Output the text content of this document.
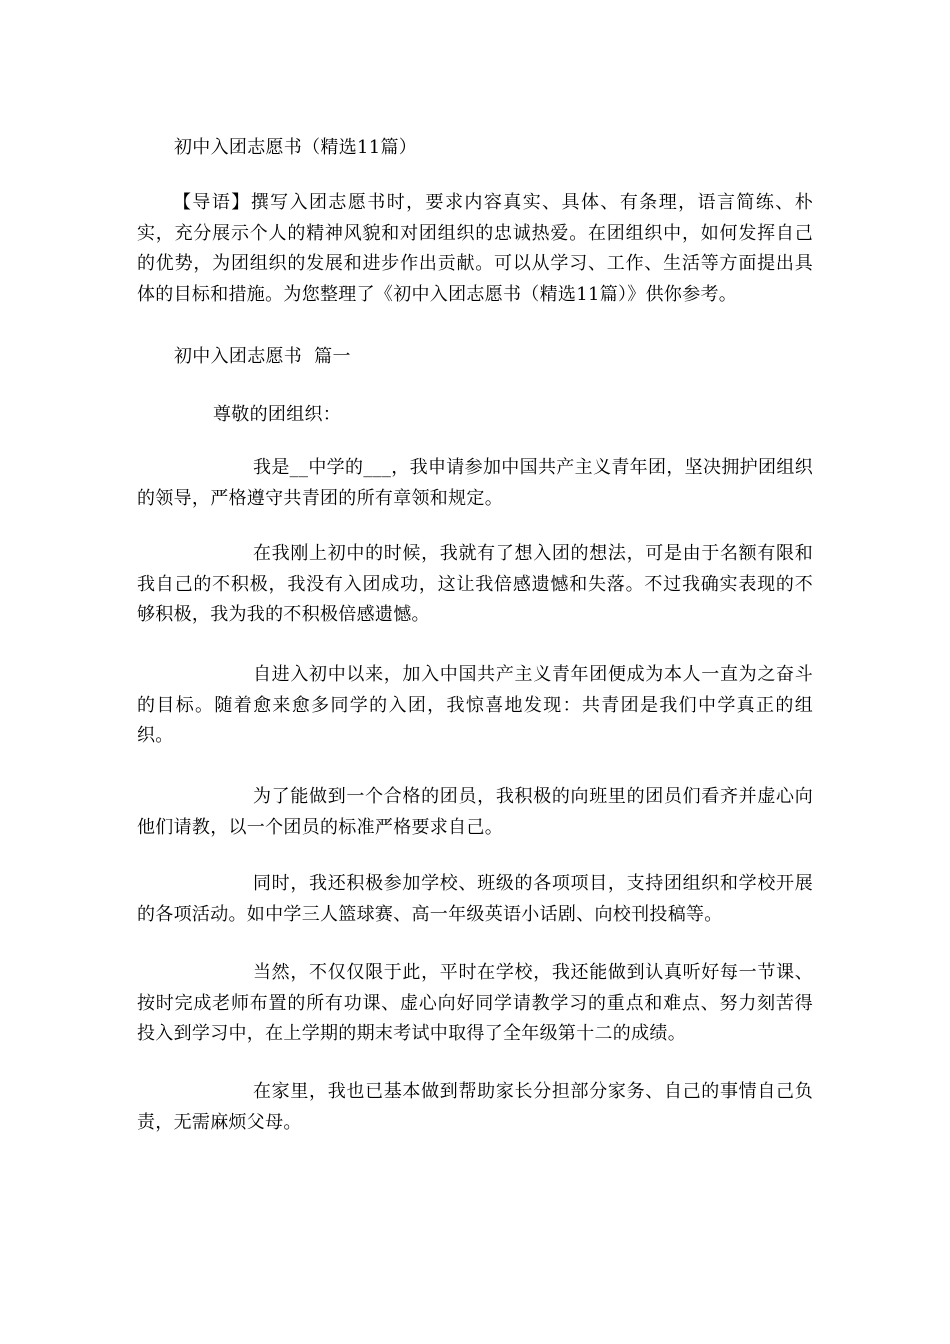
初中入团志愿书（精选11篇）
【导语】撰写入团志愿书时，要求内容真实、具体、有条理，语言简练、朴实，充分展示个人的精神风貌和对团组织的忠诚热爱。在团组织中，如何发挥自己的优势，为团组织的发展和进步作出贡献。可以从学习、工作、生活等方面提出具体的目标和措施。为您整理了《初中入团志愿书（精选11篇）》供你参考。
初中入团志愿书  篇一
尊敬的团组织：
我是__中学的___，我申请参加中国共产主义青年团，坚决拥护团组织的领导，严格遵守共青团的所有章领和规定。
在我刚上初中的时候，我就有了想入团的想法，可是由于名额有限和我自己的不积极，我没有入团成功，这让我倍感遗憾和失落。不过我确实表现的不够积极，我为我的不积极倍感遗憾。
自进入初中以来，加入中国共产主义青年团便成为本人一直为之奋斗的目标。随着愈来愈多同学的入团，我惊喜地发现：共青团是我们中学真正的组织。
为了能做到一个合格的团员，我积极的向班里的团员们看齐并虚心向他们请教，以一个团员的标准严格要求自己。
同时，我还积极参加学校、班级的各项项目，支持团组织和学校开展的各项活动。如中学三人篮球赛、高一年级英语小话剧、向校刊投稿等。
当然，不仅仅限于此，平时在学校，我还能做到认真听好每一节课、按时完成老师布置的所有功课、虚心向好同学请教学习的重点和难点、努力刻苦得投入到学习中，在上学期的期末考试中取得了全年级第十二的成绩。
在家里，我也已基本做到帮助家长分担部分家务、自己的事情自己负责，无需麻烦父母。
